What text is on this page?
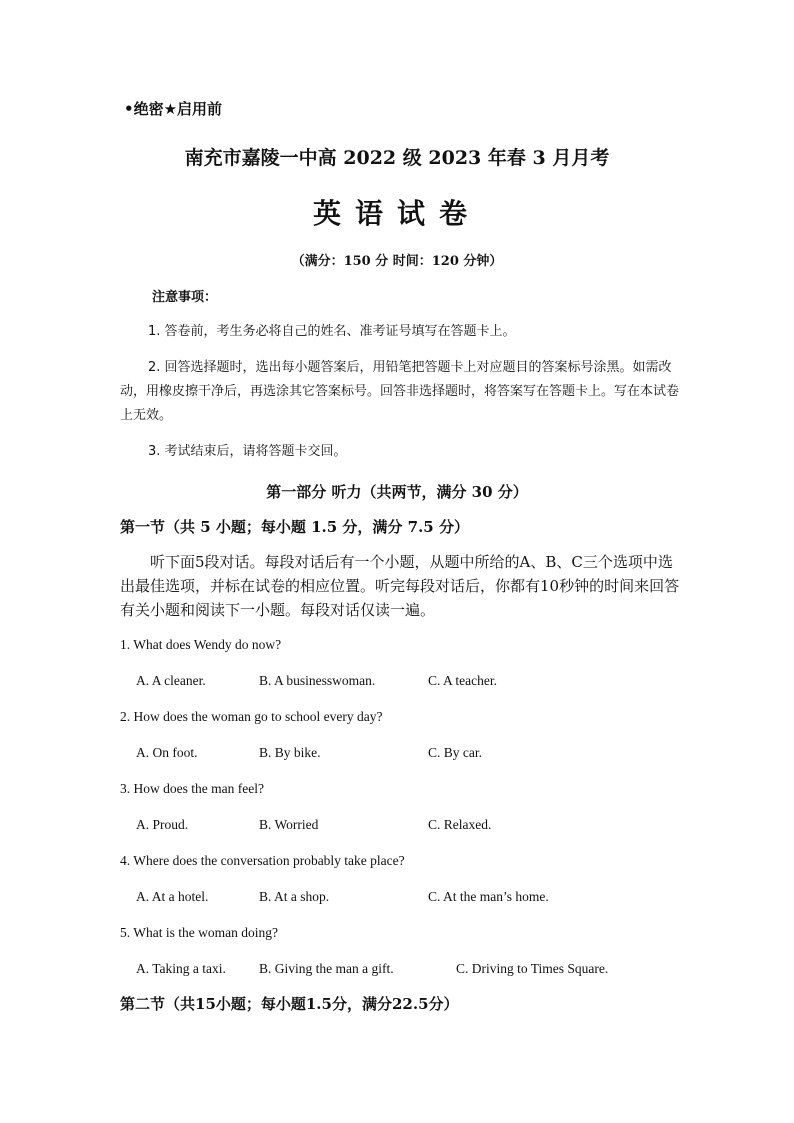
•绝密★启用前
南充市嘉陵一中高 2022 级 2023 年春 3 月月考
英语试卷
（满分：150 分 时间：120 分钟）
注意事项：
1. 答卷前，考生务必将自己的姓名、准考证号填写在答题卡上。
2. 回答选择题时，选出每小题答案后，用铅笔把答题卡上对应题目的答案标号涂黑。如需改动，用橡皮擦干净后，再选涂其它答案标号。回答非选择题时，将答案写在答题卡上。写在本试卷上无效。
3. 考试结束后，请将答题卡交回。
第一部分 听力（共两节，满分 30 分）
第一节（共 5 小题；每小题 1.5 分，满分 7.5 分）
听下面5段对话。每段对话后有一个小题，从题中所给的A、B、C三个选项中选出最佳选项，并标在试卷的相应位置。听完每段对话后，你都有10秒钟的时间来回答有关小题和阅读下一小题。每段对话仅读一遍。
1. What does Wendy do now?
A. A cleaner.	B. A businesswoman.	C. A teacher.
2. How does the woman go to school every day?
A. On foot.	B. By bike.	C. By car.
3. How does the man feel?
A. Proud.	B. Worried	C. Relaxed.
4. Where does the conversation probably take place?
A. At a hotel.	B. At a shop.	C. At the man’s home.
5. What is the woman doing?
A. Taking a taxi. B. Giving the man a gift.	C. Driving to Times Square.
第二节（共15小题；每小题1.5分，满分22.5分）
